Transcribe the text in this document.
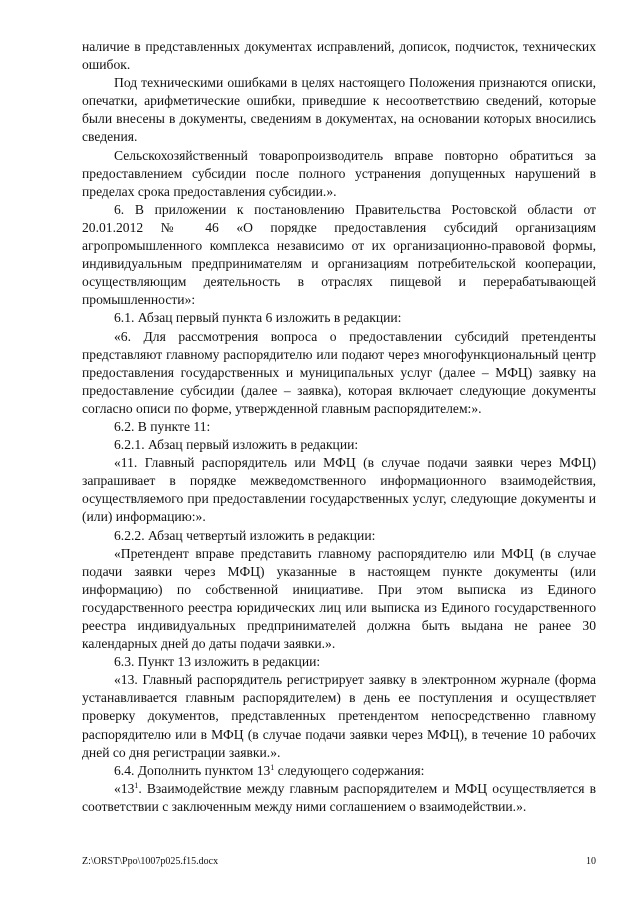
наличие в представленных документах исправлений, дописок, подчисток, технических ошибок.

Под техническими ошибками в целях настоящего Положения признаются описки, опечатки, арифметические ошибки, приведшие к несоответствию сведений, которые были внесены в документы, сведениям в документах, на основании которых вносились сведения.

Сельскохозяйственный товаропроизводитель вправе повторно обратиться за предоставлением субсидии после полного устранения допущенных нарушений в пределах срока предоставления субсидии.».

6. В приложении к постановлению Правительства Ростовской области от 20.01.2012 № 46 «О порядке предоставления субсидий организациям агропромышленного комплекса независимо от их организационно-правовой формы, индивидуальным предпринимателям и организациям потребительской кооперации, осуществляющим деятельность в отраслях пищевой и перерабатывающей промышленности»:

6.1. Абзац первый пункта 6 изложить в редакции:

«6. Для рассмотрения вопроса о предоставлении субсидий претенденты представляют главному распорядителю или подают через многофункциональный центр предоставления государственных и муниципальных услуг (далее – МФЦ) заявку на предоставление субсидии (далее – заявка), которая включает следующие документы согласно описи по форме, утвержденной главным распорядителем:».

6.2. В пункте 11:

6.2.1. Абзац первый изложить в редакции:

«11. Главный распорядитель или МФЦ (в случае подачи заявки через МФЦ) запрашивает в порядке межведомственного информационного взаимодействия, осуществляемого при предоставлении государственных услуг, следующие документы и (или) информацию:».

6.2.2. Абзац четвертый изложить в редакции:

«Претендент вправе представить главному распорядителю или МФЦ (в случае подачи заявки через МФЦ) указанные в настоящем пункте документы (или информацию) по собственной инициативе. При этом выписка из Единого государственного реестра юридических лиц или выписка из Единого государственного реестра индивидуальных предпринимателей должна быть выдана не ранее 30 календарных дней до даты подачи заявки.».

6.3. Пункт 13 изложить в редакции:

«13. Главный распорядитель регистрирует заявку в электронном журнале (форма устанавливается главным распорядителем) в день ее поступления и осуществляет проверку документов, представленных претендентом непосредственно главному распорядителю или в МФЦ (в случае подачи заявки через МФЦ), в течение 10 рабочих дней со дня регистрации заявки.».

6.4. Дополнить пунктом $13^1$ следующего содержания:

«$13^1$. Взаимодействие между главным распорядителем и МФЦ осуществляется в соответствии с заключенным между ними соглашением о взаимодействии.».

Z:\ORST\Ppo\1007p025.f15.docx	10
